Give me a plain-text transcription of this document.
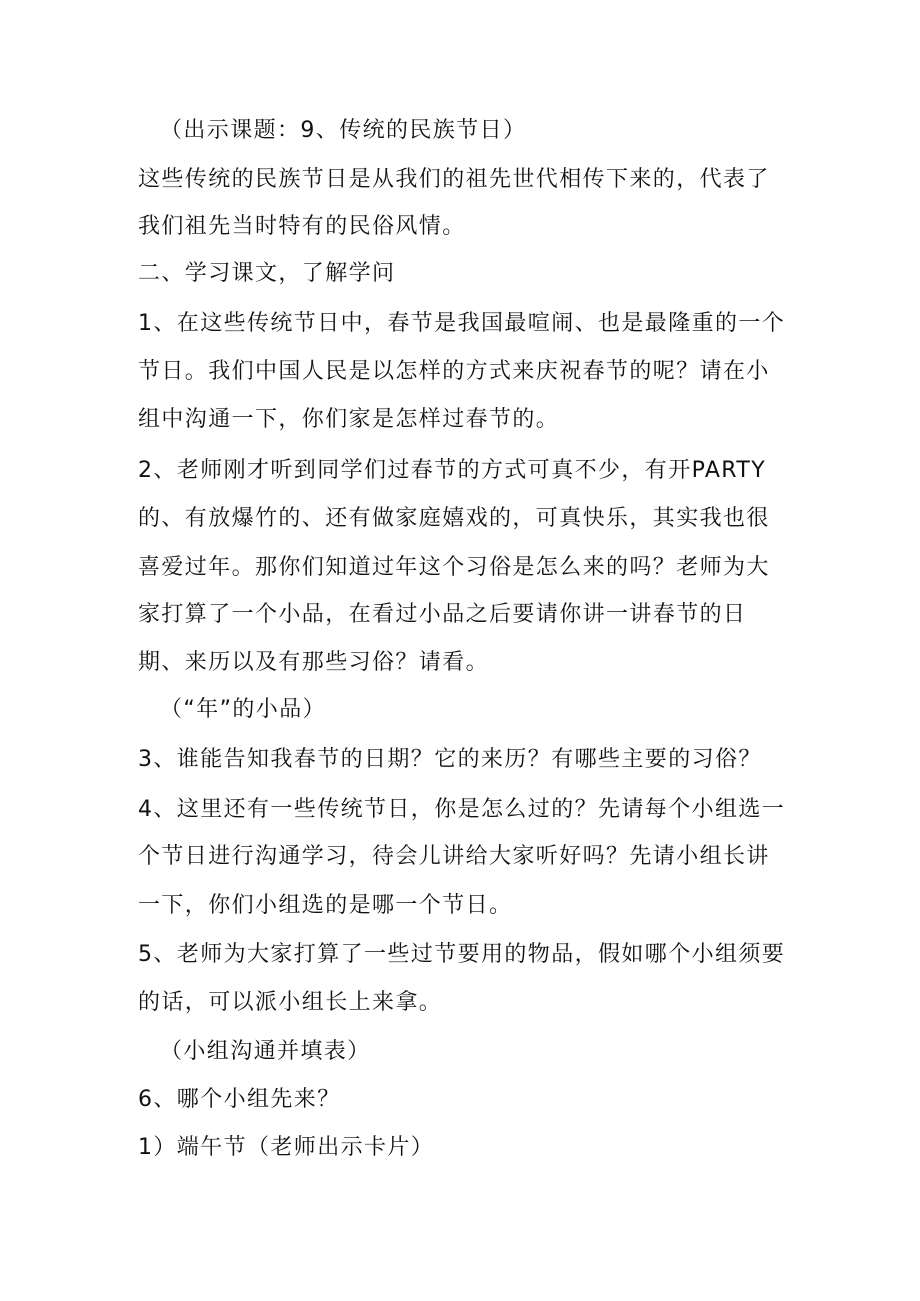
（出示课题：9、传统的民族节日）
这些传统的民族节日是从我们的祖先世代相传下来的，代表了
我们祖先当时特有的民俗风情。
二、学习课文，了解学问
1、在这些传统节日中，春节是我国最喧闹、也是最隆重的一个
节日。我们中国人民是以怎样的方式来庆祝春节的呢？请在小
组中沟通一下，你们家是怎样过春节的。
2、老师刚才听到同学们过春节的方式可真不少，有开PARTY
的、有放爆竹的、还有做家庭嬉戏的，可真快乐，其实我也很
喜爱过年。那你们知道过年这个习俗是怎么来的吗？老师为大
家打算了一个小品，在看过小品之后要请你讲一讲春节的日
期、来历以及有那些习俗？请看。
（“年”的小品）
3、谁能告知我春节的日期？它的来历？有哪些主要的习俗？
4、这里还有一些传统节日，你是怎么过的？先请每个小组选一
个节日进行沟通学习，待会儿讲给大家听好吗？先请小组长讲
一下，你们小组选的是哪一个节日。
5、老师为大家打算了一些过节要用的物品，假如哪个小组须要
的话，可以派小组长上来拿。
（小组沟通并填表）
6、哪个小组先来？
1）端午节（老师出示卡片）
